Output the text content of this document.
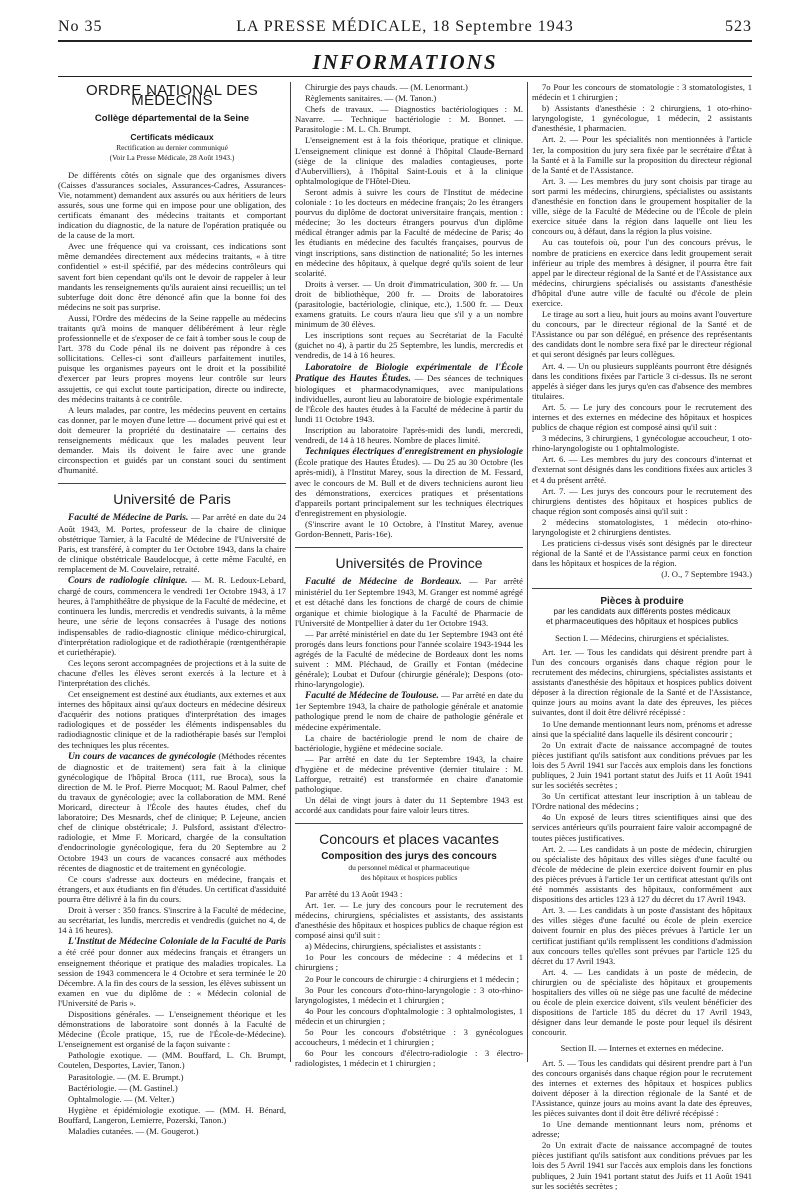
No 35	LA PRESSE MÉDICALE, 18 Septembre 1943	523
INFORMATIONS
ORDRE NATIONAL DES MÉDECINS
Collège départemental de la Seine
Certificats médicaux
Rectification au dernier communiqué
(Voir La Presse Médicale, 28 Août 1943.)

De différents côtés on signale que des organismes divers (Caisses d'assurances sociales, Assurances-Cadres, Assurances-Vie, notamment) demandent aux assurés ou aux héritiers de leurs assurés, sous une forme qui en impose pour une obligation, des certificats émanant des médecins traitants et comportant indication du diagnostic, de la nature de l'opération pratiquée ou de la cause de la mort.

Avec une fréquence qui va croissant, ces indications sont même demandées directement aux médecins traitants, « à titre confidentiel » est-il spécifié, par des médecins contrôleurs qui savent fort bien cependant qu'ils ont le devoir de rappeler à leur mandants les renseignements qu'ils auraient ainsi recueillis; un tel subterfuge doit donc être dénoncé afin que la bonne foi des médecins ne soit pas surprise.

Aussi, l'Ordre des médecins de la Seine rappelle au médecins traitants qu'à moins de manquer délibérément à leur règle professionnelle et de s'exposer de ce fait à tomber sous le coup de l'art. 378 du Code pénal ils ne doivent pas répondre à ces sollicitations. Celles-ci sont d'ailleurs parfaitement inutiles, puisque les organismes payeurs ont le droit et la possibilité d'exercer par leurs propres moyens leur contrôle sur leurs assujettis, ce qui exclut toute participation, directe ou indirecte, des médecins traitants à ce contrôle.

A leurs malades, par contre, les médecins peuvent en certains cas donner, par le moyen d'une lettre — document privé qui est et doit demeurer la propriété du destinataire — certains des renseignements médicaux que les malades peuvent leur demander. Mais ils doivent le faire avec une grande circonspection et guidés par un constant souci du sentiment d'humanité.

Université de Paris

Faculté de Médecine de Paris. — Par arrêté en date du 24 Août 1943, M. Portes, professeur de la chaire de clinique obstétrique Tarnier, à la Faculté de Médecine de l'Université de Paris, est transféré, à compter du 1er Octobre 1943, dans la chaire de clinique obstétricale Baudelocque, à cette même Faculté, en remplacement de M. Couvelaire, retraité.

Cours de radiologie clinique. — M. R. Ledoux-Lebard, chargé de cours, commencera le vendredi 1er Octobre 1943, à 17 heures, à l'amphithéâtre de physique de la Faculté de médecine, et continuera les lundis, mercredis et vendredis suivants, à la même heure, une série de leçons consacrées à l'usage des notions indispensables de radio-diagnostic clinique médico-chirurgical, d'interprétation radiologique et de radiothérapie (rœntgenthérapie et curiethérapie).

Ces leçons seront accompagnées de projections et à la suite de chacune d'elles les élèves seront exercés à la lecture et à l'interprétation des clichés.

Cet enseignement est destiné aux étudiants, aux externes et aux internes des hôpitaux ainsi qu'aux docteurs en médecine désireux d'acquérir des notions pratiques d'interprétation des images radiologiques et de posséder les éléments indispensables du radiodiagnostic clinique et de la radiothérapie basés sur l'emploi des techniques les plus récentes.

Un cours de vacances de gynécologie (Méthodes récentes de diagnostic et de traitement) sera fait à la clinique gynécologique de l'hôpital Broca (111, rue Broca), sous la direction de M. le Prof. Pierre Mocquot; M. Raoul Palmer, chef du travaux de gynécologie; avec la collaboration de MM. René Moricard, directeur à l'École des hautes études, chef du laboratoire; Des Mesnards, chef de clinique; P. Lejeune, ancien chef de clinique obstétricale; J. Pulsford, assistant d'électro-radiologie, et Mme F. Moricard, chargée de la consultation d'endocrinologie gynécologique, fera du 20 Septembre au 2 Octobre 1943 un cours de vacances consacré aux méthodes récentes de diagnostic et de traitement en gynécologie.

Ce cours s'adresse aux docteurs en médecine, français et étrangers, et aux étudiants en fin d'études. Un certificat d'assiduité pourra être délivré à la fin du cours.

Droit à verser : 350 francs. S'inscrire à la Faculté de médecine, au secrétariat, les lundis, mercredis et vendredis (guichet no 4, de 14 à 16 heures).

L'Institut de Médecine Coloniale de la Faculté de Paris a été créé pour donner aux médecins français et étrangers un enseignement théorique et pratique des maladies tropicales. La session de 1943 commencera le 4 Octobre et sera terminée le 20 Décembre. A la fin des cours de la session, les élèves subissent un examen en vue du diplôme de : « Médecin colonial de l'Université de Paris ».

Dispositions générales. — L'enseignement théorique et les démonstrations de laboratoire sont donnés à la Faculté de Médecine (École pratique, 15, rue de l'École-de-Médecine). L'enseignement est organisé de la façon suivante :

Pathologie exotique. — (MM. Bouffard, L. Ch. Brumpt, Coutelen, Desportes, Lavier, Tanon.)

Parasitologie. — (M. E. Brumpt.)

Bactériologie. — (M. Gastinel.)

Ophtalmologie. — (M. Velter.)

Hygiène et épidémiologie exotique. — (MM. H. Bénard, Bouffard, Langeron, Lemierre, Pozerski, Tanon.)

Maladies cutanées. — (M. Gougerot.)

Chirurgie des pays chauds. — (M. Lenormant.)

Règlements sanitaires. — (M. Tanon.)

Chefs de travaux. — Diagnostics bactériologiques : M. Navarre. — Technique bactériologie : M. Bonnet. — Parasitologie : M. L. Ch. Brumpt.

L'enseignement est à la fois théorique, pratique et clinique. L'enseignement clinique est donné à l'hôpital Claude-Bernard (siège de la clinique des maladies contagieuses, porte d'Aubervilliers), à l'hôpital Saint-Louis et à la clinique ophtalmologique de l'Hôtel-Dieu.

Seront admis à suivre les cours de l'Institut de médecine coloniale : 1o les docteurs en médecine français; 2o les étrangers pourvus du diplôme de doctorat universitaire français, mention : médecine; 3o les docteurs étrangers pourvus d'un diplôme médical étranger admis par la Faculté de médecine de Paris; 4o les étudiants en médecine des facultés françaises, pourvus de vingt inscriptions, sans distinction de nationalité; 5o les internes en médecine des hôpitaux, à quelque degré qu'ils soient de leur scolarité.

Droits à verser. — Un droit d'immatriculation, 300 fr. — Un droit de bibliothèque, 200 fr. — Droits de laboratoires (parasitologie, bactériologie, clinique, etc.), 1.500 fr. — Deux examens gratuits. Le cours n'aura lieu que s'il y a un nombre minimum de 30 élèves.

Les inscriptions sont reçues au Secrétariat de la Faculté (guichet no 4), à partir du 25 Septembre, les lundis, mercredis et vendredis, de 14 à 16 heures.

Laboratoire de Biologie expérimentale de l'École Pratique des Hautes Études. — Des séances de techniques biologiques et pharmacodynamiques, avec manipulations individuelles, auront lieu au laboratoire de biologie expérimentale de l'École des hautes études à la Faculté de médecine à partir du lundi 11 Octobre 1943.

Inscription au laboratoire l'après-midi des lundi, mercredi, vendredi, de 14 à 18 heures. Nombre de places limité.

Techniques électriques d'enregistrement en physiologie (École pratique des Hautes Études). — Du 25 au 30 Octobre (les après-midi), à l'Institut Marey, sous la direction de M. Fessard, avec le concours de M. Bull et de divers techniciens auront lieu des démonstrations, exercices pratiques et présentations d'appareils portant principalement sur les techniques électriques d'enregistrement en physiologie.

(S'inscrire avant le 10 Octobre, à l'Institut Marey, avenue Gordon-Bennett, Paris-16e).

Universités de Province

Faculté de Médecine de Bordeaux. — Par arrêté ministériel du 1er Septembre 1943, M. Granger est nommé agrégé et est détaché dans les fonctions de chargé de cours de chimie organique et chimie biologique à la Faculté de Pharmacie de l'Université de Montpellier à dater du 1er Octobre 1943.

— Par arrêté ministériel en date du 1er Septembre 1943 ont été prorogés dans leurs fonctions pour l'année scolaire 1943-1944 les agrégés de la Faculté de médecine de Bordeaux dont les noms suivent : MM. Pléchaud, de Grailly et Fontan (médecine générale); Loubat et Dufour (chirurgie générale); Despons (oto-rhino-laryngologie).

Faculté de Médecine de Toulouse. — Par arrêté en date du 1er Septembre 1943, la chaire de pathologie générale et anatomie pathologique prend le nom de chaire de pathologie générale et médecine expérimentale.

La chaire de bactériologie prend le nom de chaire de bactériologie, hygiène et médecine sociale.

— Par arrêté en date du 1er Septembre 1943, la chaire d'hygiène et de médecine préventive (dernier titulaire : M. Lafforgue, retraité) est transformée en chaire d'anatomie pathologique.

Un délai de vingt jours à dater du 11 Septembre 1943 est accordé aux candidats pour faire valoir leurs titres.

Concours et places vacantes
Composition des jurys des concours
du personnel médical et pharmaceutique
des hôpitaux et hospices publics

Par arrêté du 13 Août 1943 :

Art. 1er. — Le jury des concours pour le recrutement des médecins, chirurgiens, spécialistes et assistants, des assistants d'anesthésie des hôpitaux et hospices publics de chaque région est composé ainsi qu'il suit :

a) Médecins, chirurgiens, spécialistes et assistants :

1o Pour les concours de médecine : 4 médecins et 1 chirurgiens ;

2o Pour le concours de chirurgie : 4 chirurgiens et 1 médecin ;

3o Pour les concours d'oto-rhino-laryngologie : 3 oto-rhino-laryngologistes, 1 médecin et 1 chirurgien ;

4o Pour les concours d'ophtalmologie : 3 ophtalmologistes, 1 médecin et un chirurgien ;

5o Pour les concours d'obstétrique : 3 gynécologues accoucheurs, 1 médecin et 1 chirurgien ;

6o Pour les concours d'électro-radiologie : 3 électro-radiologistes, 1 médecin et 1 chirurgien ;

7o Pour les concours de stomatologie : 3 stomatologistes, 1 médecin et 1 chirurgien ;

b) Assistants d'anesthésie : 2 chirurgiens, 1 oto-rhino-laryngologiste, 1 gynécologue, 1 médecin, 2 assistants d'anesthésie, 1 pharmacien.

Art. 2. — Pour les spécialités non mentionnées à l'article 1er, la composition du jury sera fixée par le secrétaire d'État à la Santé et à la Famille sur la proposition du directeur régional de la Santé et de l'Assistance.

Art. 3. — Les membres du jury sont choisis par tirage au sort parmi les médecins, chirurgiens, spécialistes ou assistants d'anesthésie en fonction dans le groupement hospitalier de la ville, siège de la Faculté de Médecine ou de l'École de plein exercice située dans la région dans laquelle ont lieu les concours ou, à défaut, dans la région la plus voisine.

Au cas toutefois où, pour l'un des concours prévus, le nombre de praticiens en exercice dans ledit groupement serait inférieur au triple des membres à désigner, il pourra être fait appel par le directeur régional de la Santé et de l'Assistance aux médecins, chirurgiens spécialisés ou assistants d'anesthésie d'hôpital d'une autre ville de faculté ou d'école de plein exercice.

Le tirage au sort a lieu, huit jours au moins avant l'ouverture du concours, par le directeur régional de la Santé et de l'Assistance ou par son délégué, en présence des représentants des candidats dont le nombre sera fixé par le directeur régional et qui seront désignés par leurs collègues.

Art. 4. — Un ou plusieurs suppléants pourront être désignés dans les conditions fixées par l'article 3 ci-dessus. Ils ne seront appelés à siéger dans les jurys qu'en cas d'absence des membres titulaires.

Art. 5. — Le jury des concours pour le recrutement des internes et des externes en médecine des hôpitaux et hospices publics de chaque région est composé ainsi qu'il suit :

3 médecins, 3 chirurgiens, 1 gynécologue accoucheur, 1 oto-rhino-laryngologiste ou 1 ophtalmologiste.

Art. 6. — Les membres du jury des concours d'internat et d'externat sont désignés dans les conditions fixées aux articles 3 et 4 du présent arrêté.

Art. 7. — Les jurys des concours pour le recrutement des chirurgiens dentistes des hôpitaux et hospices publics de chaque région sont composés ainsi qu'il suit :

2 médecins stomatologistes, 1 médecin oto-rhino-laryngologiste et 2 chirurgiens dentistes.

Les praticiens ci-dessus visés sont désignés par le directeur régional de la Santé et de l'Assistance parmi ceux en fonction dans les hôpitaux et hospices de la région.

(J. O., 7 Septembre 1943.)

Pièces à produire
par les candidats aux différents postes médicaux
et pharmaceutiques des hôpitaux et hospices publics

Section I. — Médecins, chirurgiens et spécialistes.

Art. 1er. — Tous les candidats qui désirent prendre part à l'un des concours organisés dans chaque région pour le recrutement des médecins, chirurgiens, spécialistes assistants et assistants d'anesthésie des hôpitaux et hospices publics doivent déposer à la direction régionale de la Santé et de l'Assistance, quinze jours au moins avant la date des épreuves, les pièces suivantes, dont il doit être délivré récépissé :

1o Une demande mentionnant leurs nom, prénoms et adresse ainsi que la spécialité dans laquelle ils désirent concourir ;

2o Un extrait d'acte de naissance accompagné de toutes pièces justifiant qu'ils satisfont aux conditions prévues par les lois des 5 Avril 1941 sur l'accès aux emplois dans les fonctions publiques, 2 Juin 1941 portant statut des Juifs et 11 Août 1941 sur les sociétés secrètes ;

3o Un certificat attestant leur inscription à un tableau de l'Ordre national des médecins ;

4o Un exposé de leurs titres scientifiques ainsi que des services antérieurs qu'ils pourraient faire valoir accompagné de toutes pièces justificatives.

Art. 2. — Les candidats à un poste de médecin, chirurgien ou spécialiste des hôpitaux des villes sièges d'une faculté ou d'école de médecine de plein exercice doivent fournir en plus des pièces prévues à l'article 1er un certificat attestant qu'ils ont été nommés assistants des hôpitaux, conformément aux dispositions des articles 123 à 127 du décret du 17 Avril 1943.

Art. 3. — Les candidats à un poste d'assistant des hôpitaux des villes sièges d'une faculté ou école de plein exercice doivent fournir en plus des pièces prévues à l'article 1er un certificat justifiant qu'ils remplissent les conditions d'admission aux concours telles qu'elles sont prévues par l'article 125 du décret du 17 Avril 1943.

Art. 4. — Les candidats à un poste de médecin, de chirurgien ou de spécialiste des hôpitaux et groupements hospitaliers des villes où ne siège pas une faculté de médecine ou école de plein exercice doivent, s'ils veulent bénéficier des dispositions de l'article 185 du décret du 17 Avril 1943, désigner dans leur demande le poste pour lequel ils désirent concourir.

Section II. — Internes et externes en médecine.

Art. 5. — Tous les candidats qui désirent prendre part à l'un des concours organisés dans chaque région pour le recrutement des internes et externes des hôpitaux et hospices publics doivent déposer à la direction régionale de la Santé et de l'Assistance, quinze jours au moins avant la date des épreuves, les pièces suivantes dont il doit être délivré récépissé :

1o Une demande mentionnant leurs nom, prénoms et adresse;

2o Un extrait d'acte de naissance accompagné de toutes pièces justifiant qu'ils satisfont aux conditions prévues par les lois des 5 Avril 1941 sur l'accès aux emplois dans les fonctions publiques, 2 Juin 1941 portant statut des Juifs et 11 Août 1941 sur les sociétés secrètes ;
